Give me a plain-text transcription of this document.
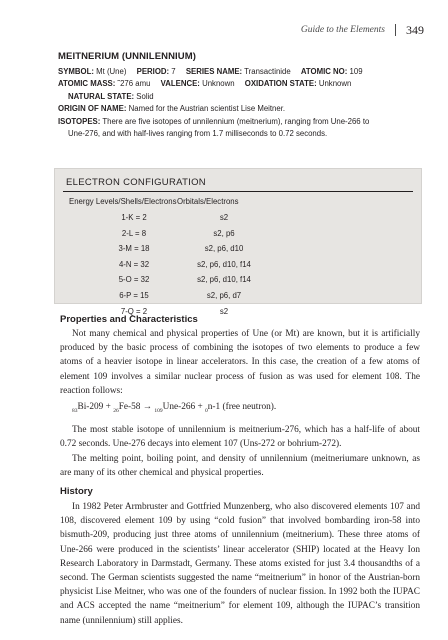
Guide to the Elements 349
MEITNERIUM (UNNILENNIUM)
SYMBOL: Mt (Une) PERIOD: 7 SERIES NAME: Transactinide ATOMIC NO: 109
ATOMIC MASS: ˜276 amu VALENCE: Unknown OXIDATION STATE: Unknown
NATURAL STATE: Solid
ORIGIN OF NAME: Named for the Austrian scientist Lise Meitner.
ISOTOPES: There are five isotopes of unnilennium (meitnerium), ranging from Une-266 to
Une-276, and with half-lives ranging from 1.7 milliseconds to 0.72 seconds.
ELECTRON CONFIGURATION
Energy Levels/Shells/Electrons Orbitals/Electrons
1-K = 2	s2
2-L = 8	s2, p6
3-M = 18	s2, p6, d10
4-N = 32	s2, p6, d10, f14
5-O = 32	s2, p6, d10, f14
6-P = 15	s2, p6, d7
7-Q = 2	s2
Properties and Characteristics

Not many chemical and physical properties of Une (or Mt) are known, but it is artificially produced by the basic process of combining the isotopes of two elements to produce a few atoms of a heavier isotope in linear accelerators. In this case, the creation of a few atoms of element 109 involves a similar nuclear process of fusion as was used for element 108. The reaction follows:

$_{83}$Bi-209 + $_{26}$Fe-58 → $_{109}$Une-266 + $_0$n-1 (free neutron).

The most stable isotope of unnilennium is meitnerium-276, which has a half-life of about 0.72 seconds. Une-276 decays into element 107 (Uns-272 or bohrium-272).

The melting point, boiling point, and density of unnilennium (meitneriumare unknown, as are many of its other chemical and physical properties.

History

In 1982 Peter Armbruster and Gottfried Munzenberg, who also discovered elements 107 and 108, discovered element 109 by using “cold fusion” that involved bombarding iron-58 into bismuth-209, producing just three atoms of unnilennium (meitnerium). These three atoms of Une-266 were produced in the scientists’ linear accelerator (SHIP) located at the Heavy Ion Research Laboratory in Darmstadt, Germany. These atoms existed for just 3.4 thousandths of a second. The German scientists suggested the name “meitnerium” in honor of the Austrian-born physicist Lise Meitner, who was one of the founders of nuclear fission. In 1992 both the IUPAC and ACS accepted the name “meitnerium” for element 109, although the IUPAC’s transition name (unnilennium) still applies.
